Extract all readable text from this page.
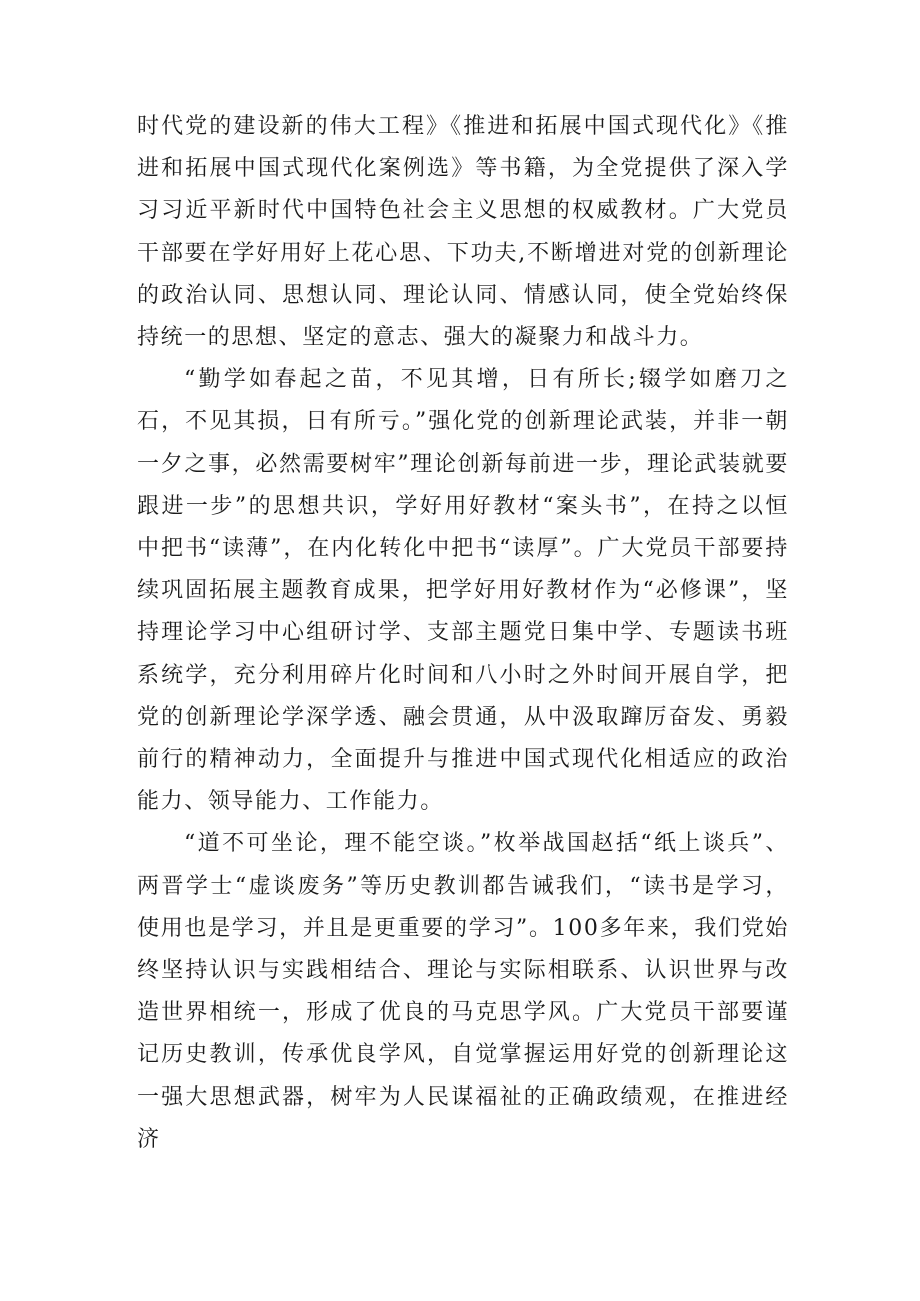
时代党的建设新的伟大工程》《推进和拓展中国式现代化》《推进和拓展中国式现代化案例选》等书籍，为全党提供了深入学习习近平新时代中国特色社会主义思想的权威教材。广大党员干部要在学好用好上花心思、下功夫,不断增进对党的创新理论的政治认同、思想认同、理论认同、情感认同，使全党始终保持统一的思想、坚定的意志、强大的凝聚力和战斗力。

“勤学如春起之苗，不见其增，日有所长;辍学如磨刀之石，不见其损，日有所亏。”强化党的创新理论武装，并非一朝一夕之事，必然需要树牢”理论创新每前进一步，理论武装就要跟进一步”的思想共识，学好用好教材“案头书”，在持之以恒中把书“读薄”，在内化转化中把书“读厚”。广大党员干部要持续巩固拓展主题教育成果，把学好用好教材作为“必修课”，坚持理论学习中心组研讨学、支部主题党日集中学、专题读书班系统学，充分利用碎片化时间和八小时之外时间开展自学，把党的创新理论学深学透、融会贯通，从中汲取蹿厉奋发、勇毅前行的精神动力，全面提升与推进中国式现代化相适应的政治能力、领导能力、工作能力。

“道不可坐论，理不能空谈。”枚举战国赵括“纸上谈兵”、两晋学士“虚谈废务”等历史教训都告诫我们，“读书是学习，使用也是学习，并且是更重要的学习”。100多年来，我们党始终坚持认识与实践相结合、理论与实际相联系、认识世界与改造世界相统一，形成了优良的马克思学风。广大党员干部要谨记历史教训，传承优良学风，自觉掌握运用好党的创新理论这一强大思想武器，树牢为人民谋福祉的正确政绩观，在推进经济
